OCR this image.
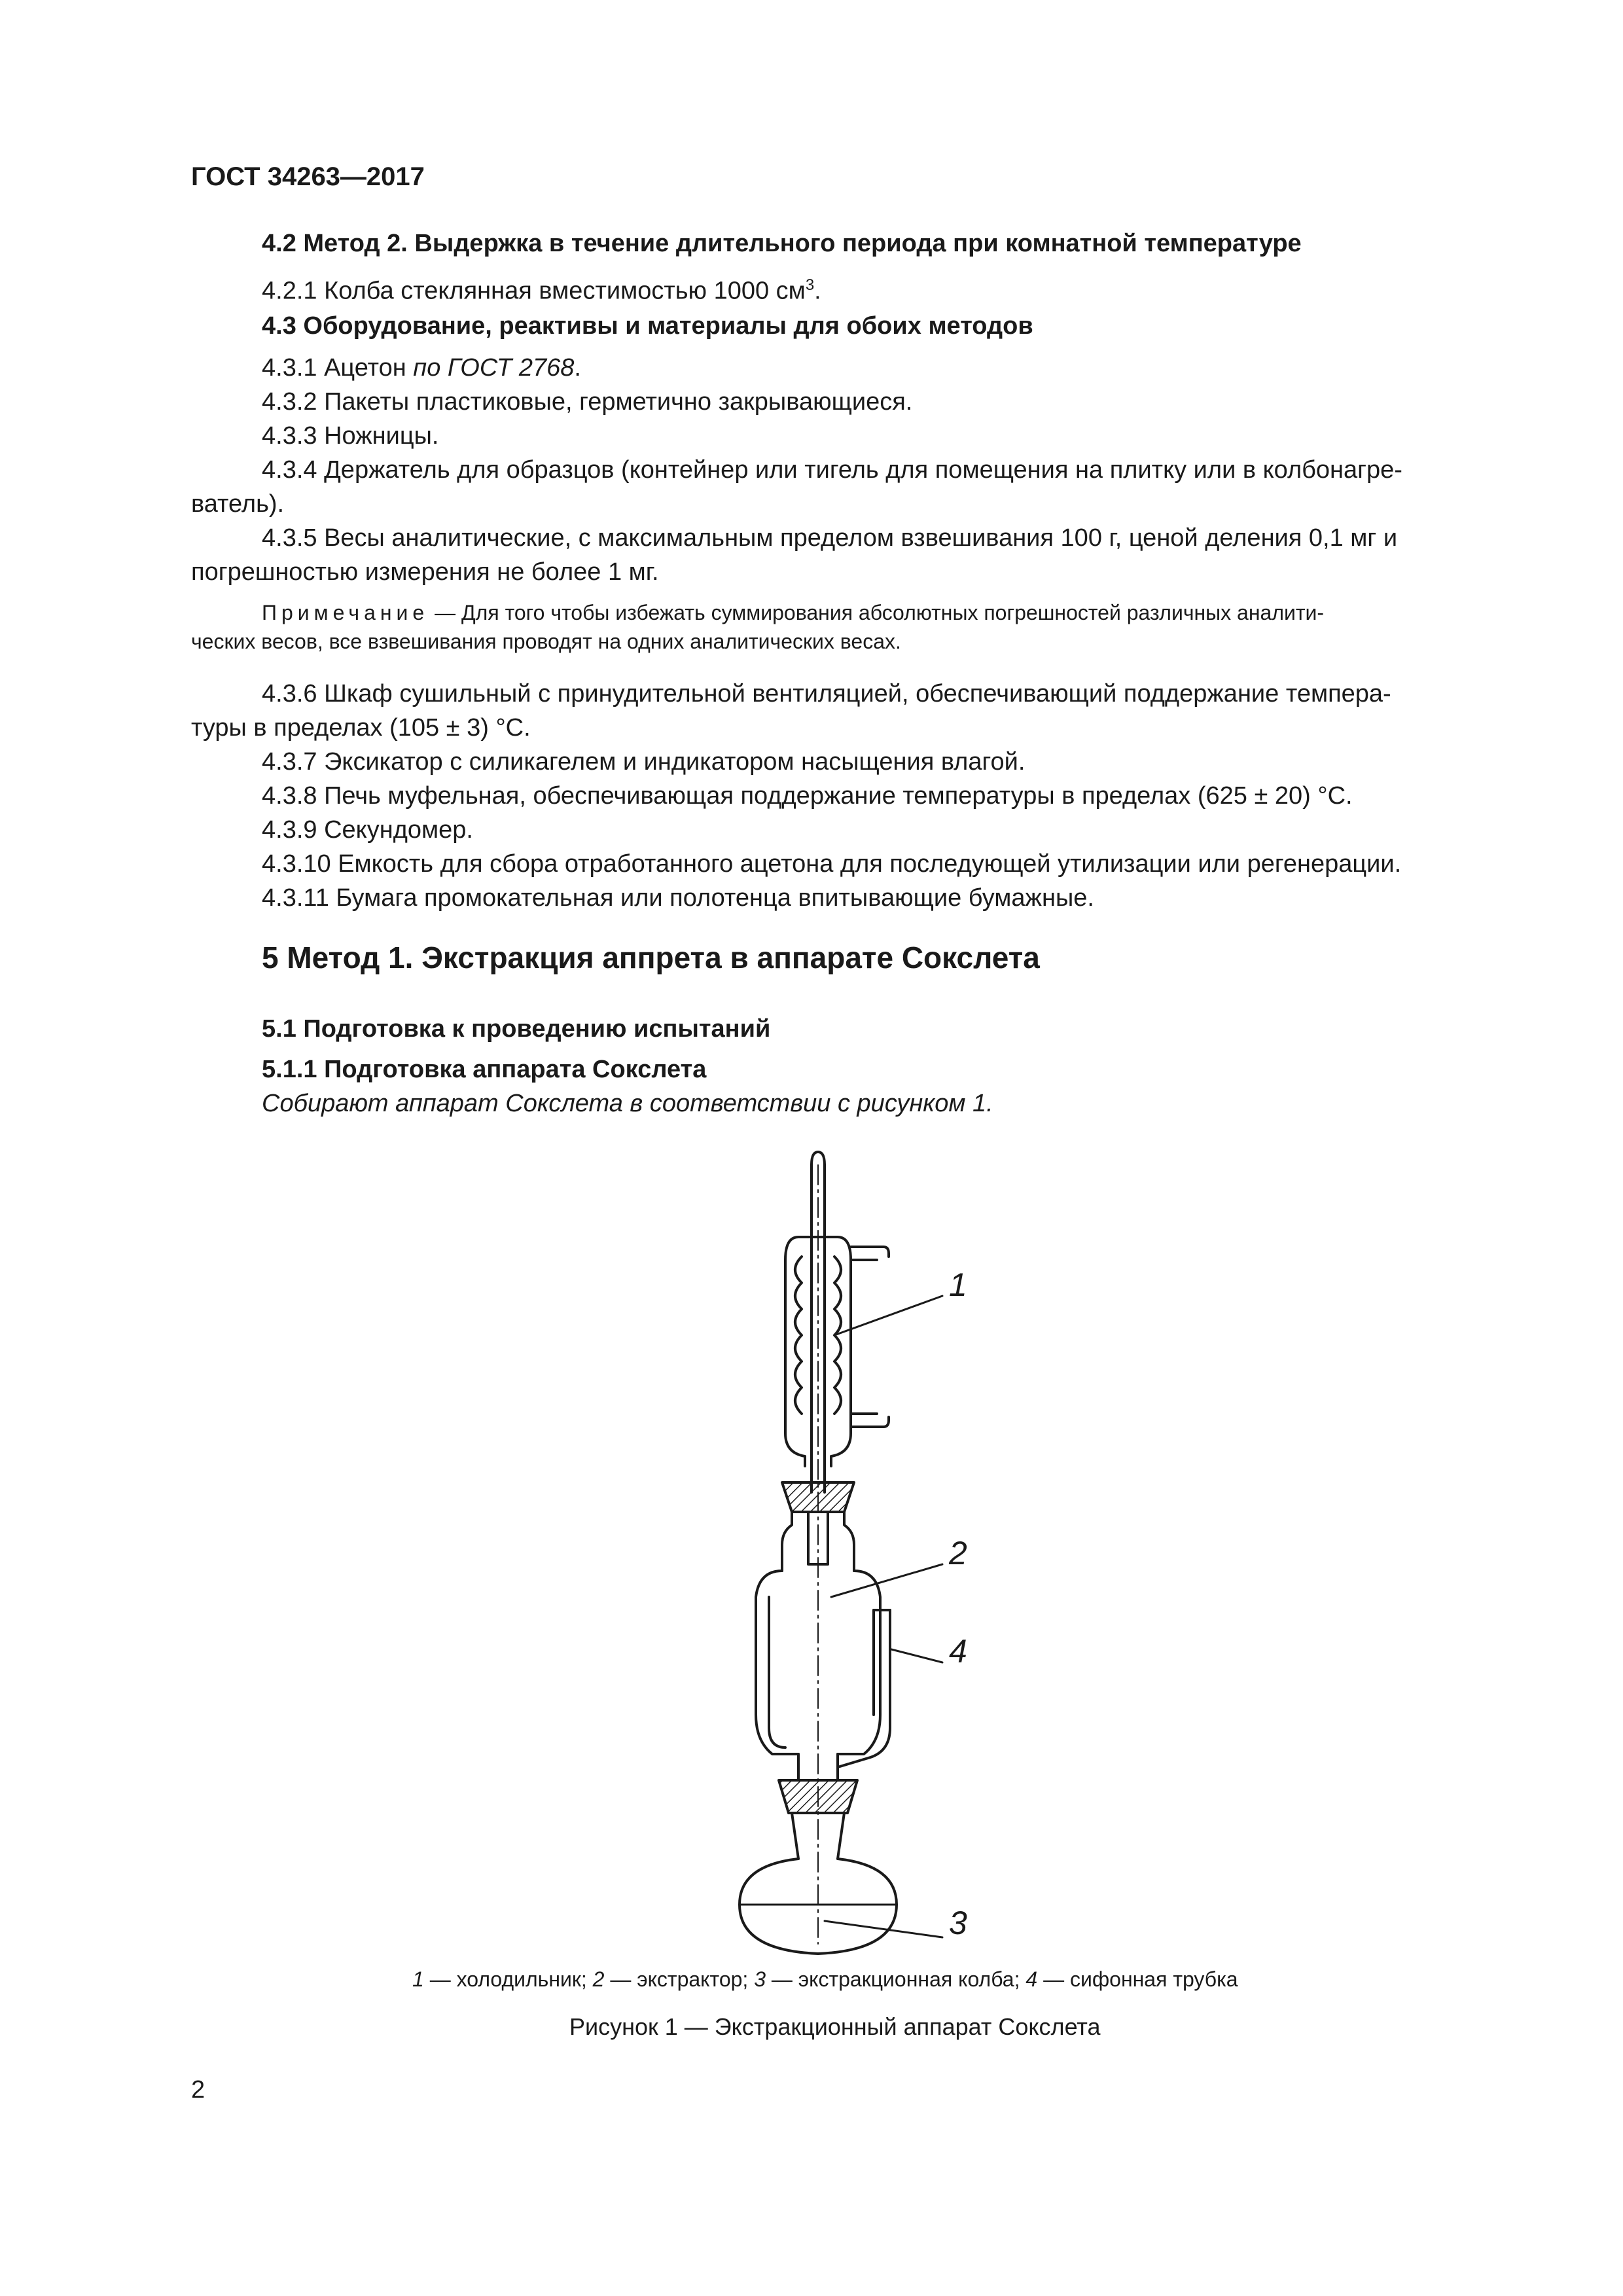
ГОСТ 34263—2017
4.2 Метод 2. Выдержка в течение длительного периода при комнатной температуре
4.2.1 Колба стеклянная вместимостью 1000 $см^3$.
4.3 Оборудование, реактивы и материалы для обоих методов
4.3.1 Ацетон по ГОСТ 2768.
4.3.2 Пакеты пластиковые, герметично закрывающиеся.
4.3.3 Ножницы.
4.3.4 Держатель для образцов (контейнер или тигель для помещения на плитку или в колбонагре-
ватель).
4.3.5 Весы аналитические, с максимальным пределом взвешивания 100 г, ценой деления 0,1 мг и
погрешностью измерения не более 1 мг.
Примечание — Для того чтобы избежать суммирования абсолютных погрешностей различных аналити-
ческих весов, все взвешивания проводят на одних аналитических весах.
4.3.6 Шкаф сушильный с принудительной вентиляцией, обеспечивающий поддержание темпера-
туры в пределах (105 ± 3) °С.
4.3.7 Эксикатор с силикагелем и индикатором насыщения влагой.
4.3.8 Печь муфельная, обеспечивающая поддержание температуры в пределах (625 ± 20) °С.
4.3.9 Секундомер.
4.3.10 Емкость для сбора отработанного ацетона для последующей утилизации или регенерации.
4.3.11 Бумага промокательная или полотенца впитывающие бумажные.
5 Метод 1. Экстракция аппрета в аппарате Сокслета
5.1 Подготовка к проведению испытаний
5.1.1 Подготовка аппарата Сокслета
Собирают аппарат Сокслета в соответствии с рисунком 1.
1
2
4
3
1 — холодильник; 2 — экстрактор; 3 — экстракционная колба; 4 — сифонная трубка
Рисунок 1 — Экстракционный аппарат Сокслета
2
